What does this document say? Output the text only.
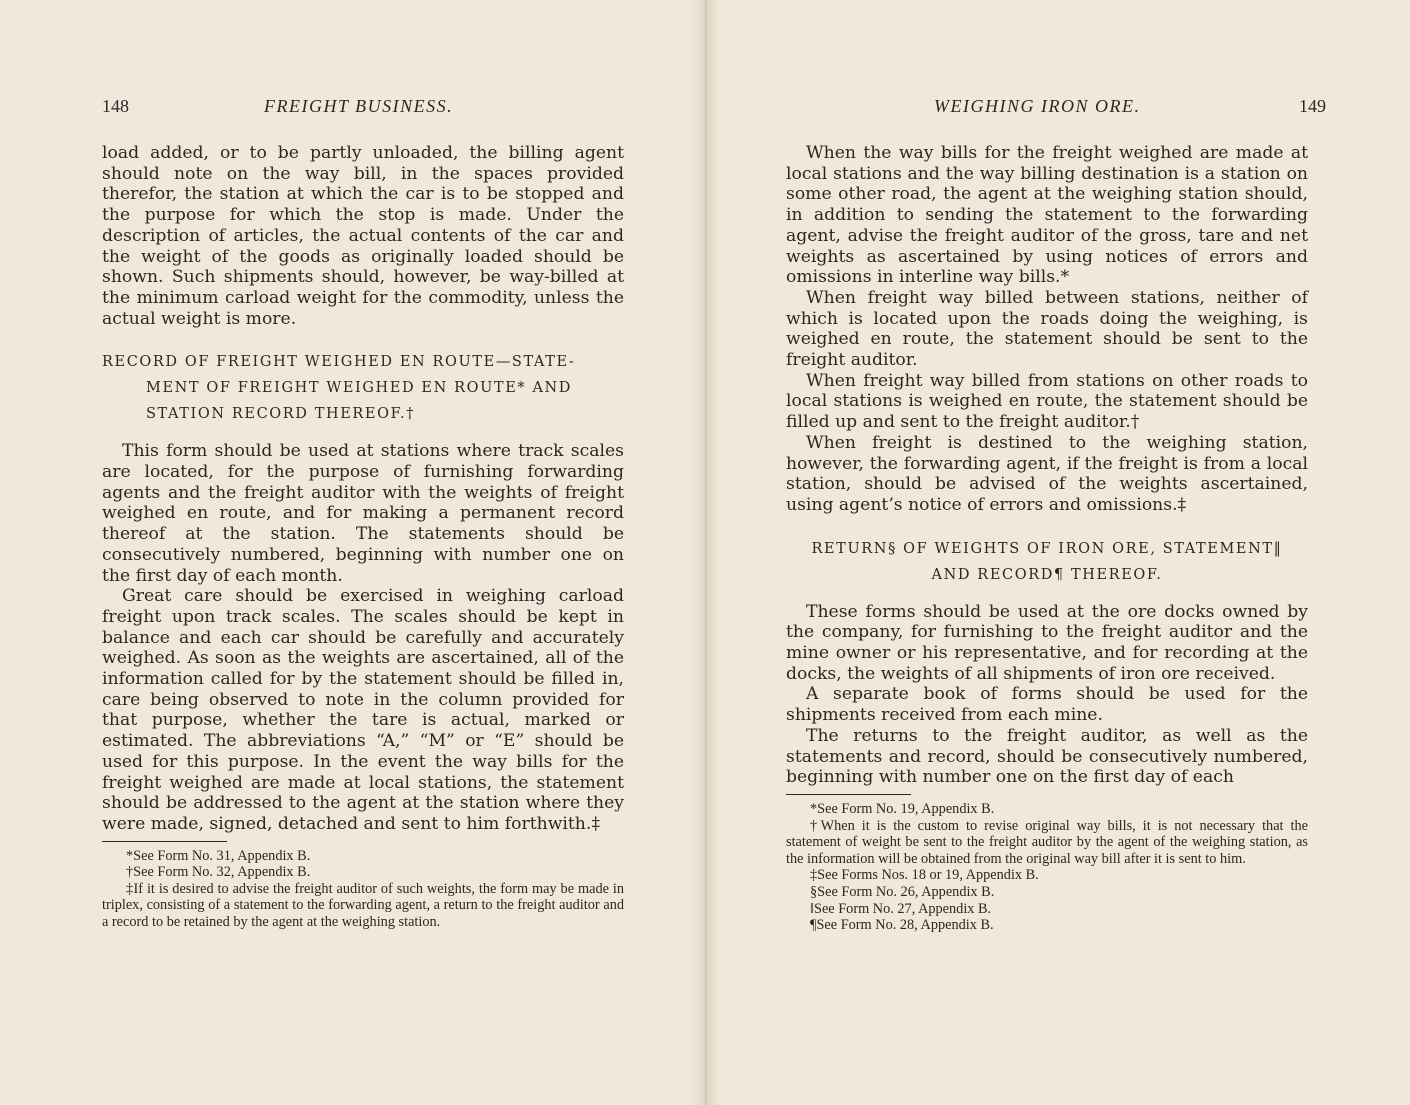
148	FREIGHT BUSINESS.

load added, or to be partly unloaded, the billing agent should note on the way bill, in the spaces provided therefor, the station at which the car is to be stopped and the purpose for which the stop is made. Under the description of articles, the actual contents of the car and the weight of the goods as originally loaded should be shown. Such shipments should, however, be way-billed at the minimum carload weight for the commodity, unless the actual weight is more.

RECORD OF FREIGHT WEIGHED EN ROUTE—STATE-
MENT OF FREIGHT WEIGHED EN ROUTE* AND
STATION RECORD THEREOF.†

This form should be used at stations where track scales are located, for the purpose of furnishing forwarding agents and the freight auditor with the weights of freight weighed en route, and for making a permanent record thereof at the station. The statements should be consecutively numbered, beginning with number one on the first day of each month.

Great care should be exercised in weighing carload freight upon track scales. The scales should be kept in balance and each car should be carefully and accurately weighed. As soon as the weights are ascertained, all of the information called for by the statement should be filled in, care being observed to note in the column provided for that purpose, whether the tare is actual, marked or estimated. The abbreviations “A,” “M” or “E” should be used for this purpose. In the event the way bills for the freight weighed are made at local stations, the statement should be addressed to the agent at the station where they were made, signed, detached and sent to him forthwith.‡

*See Form No. 31, Appendix B.

†See Form No. 32, Appendix B.

‡If it is desired to advise the freight auditor of such weights, the form may be made in triplex, consisting of a statement to the forwarding agent, a return to the freight auditor and a record to be retained by the agent at the weighing station.

WEIGHING IRON ORE.	149

When the way bills for the freight weighed are made at local stations and the way billing destination is a station on some other road, the agent at the weighing station should, in addition to sending the statement to the forwarding agent, advise the freight auditor of the gross, tare and net weights as ascertained by using notices of errors and omissions in interline way bills.*

When freight way billed between stations, neither of which is located upon the roads doing the weighing, is weighed en route, the statement should be sent to the freight auditor.

When freight way billed from stations on other roads to local stations is weighed en route, the statement should be filled up and sent to the freight auditor.†

When freight is destined to the weighing station, however, the forwarding agent, if the freight is from a local station, should be advised of the weights ascertained, using agent’s notice of errors and omissions.‡

RETURN§ OF WEIGHTS OF IRON ORE, STATEMENT‖
AND RECORD¶ THEREOF.

These forms should be used at the ore docks owned by the company, for furnishing to the freight auditor and the mine owner or his representative, and for recording at the docks, the weights of all shipments of iron ore received.

A separate book of forms should be used for the shipments received from each mine.

The returns to the freight auditor, as well as the statements and record, should be consecutively numbered, beginning with number one on the first day of each

*See Form No. 19, Appendix B.

†When it is the custom to revise original way bills, it is not necessary that the statement of weight be sent to the freight auditor by the agent of the weighing station, as the information will be obtained from the original way bill after it is sent to him.

‡See Forms Nos. 18 or 19, Appendix B.

§See Form No. 26, Appendix B.

‖See Form No. 27, Appendix B.

¶See Form No. 28, Appendix B.
